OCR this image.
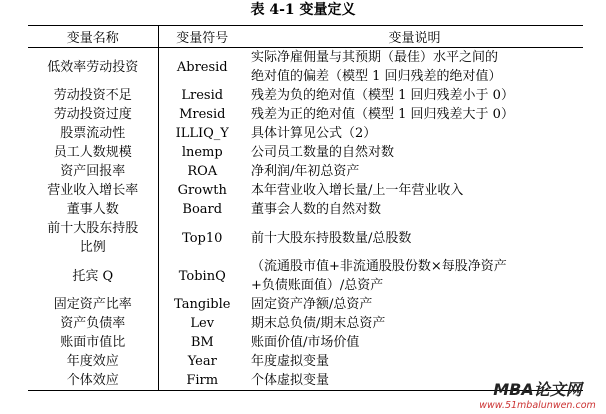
表 4-1 变量定义
变量名称	变量符号	变量说明

低效率劳动投资	Abresid	实际净雇佣量与其预期（最佳）水平之间的
绝对值的偏差（模型 1 回归残差的绝对值）

劳动投资不足	Lresid	残差为负的绝对值（模型 1 回归残差小于 0）

劳动投资过度	Mresid	残差为正的绝对值（模型 1 回归残差大于 0）

股票流动性	ILLIQ_Y	具体计算见公式（2）

员工人数规模	lnemp	公司员工数量的自然对数

资产回报率	ROA	净利润/年初总资产

营业收入增长率	Growth	本年营业收入增长量/上一年营业收入

董事人数	Board	董事会人数的自然对数

前十大股东持股
比例	Top10	前十大股东持股数量/总股数

托宾 Q	TobinQ	（流通股市值+非流通股股份数×每股净资产
+负债账面值）/总资产

固定资产比率	Tangible	固定资产净额/总资产

资产负债率	Lev	期末总负债/期末总资产

账面市值比	BM	账面价值/市场价值

年度效应	Year	年度虚拟变量

个体效应	Firm	个体虚拟变量	MBA论文网
www.51mbalunwen.com
